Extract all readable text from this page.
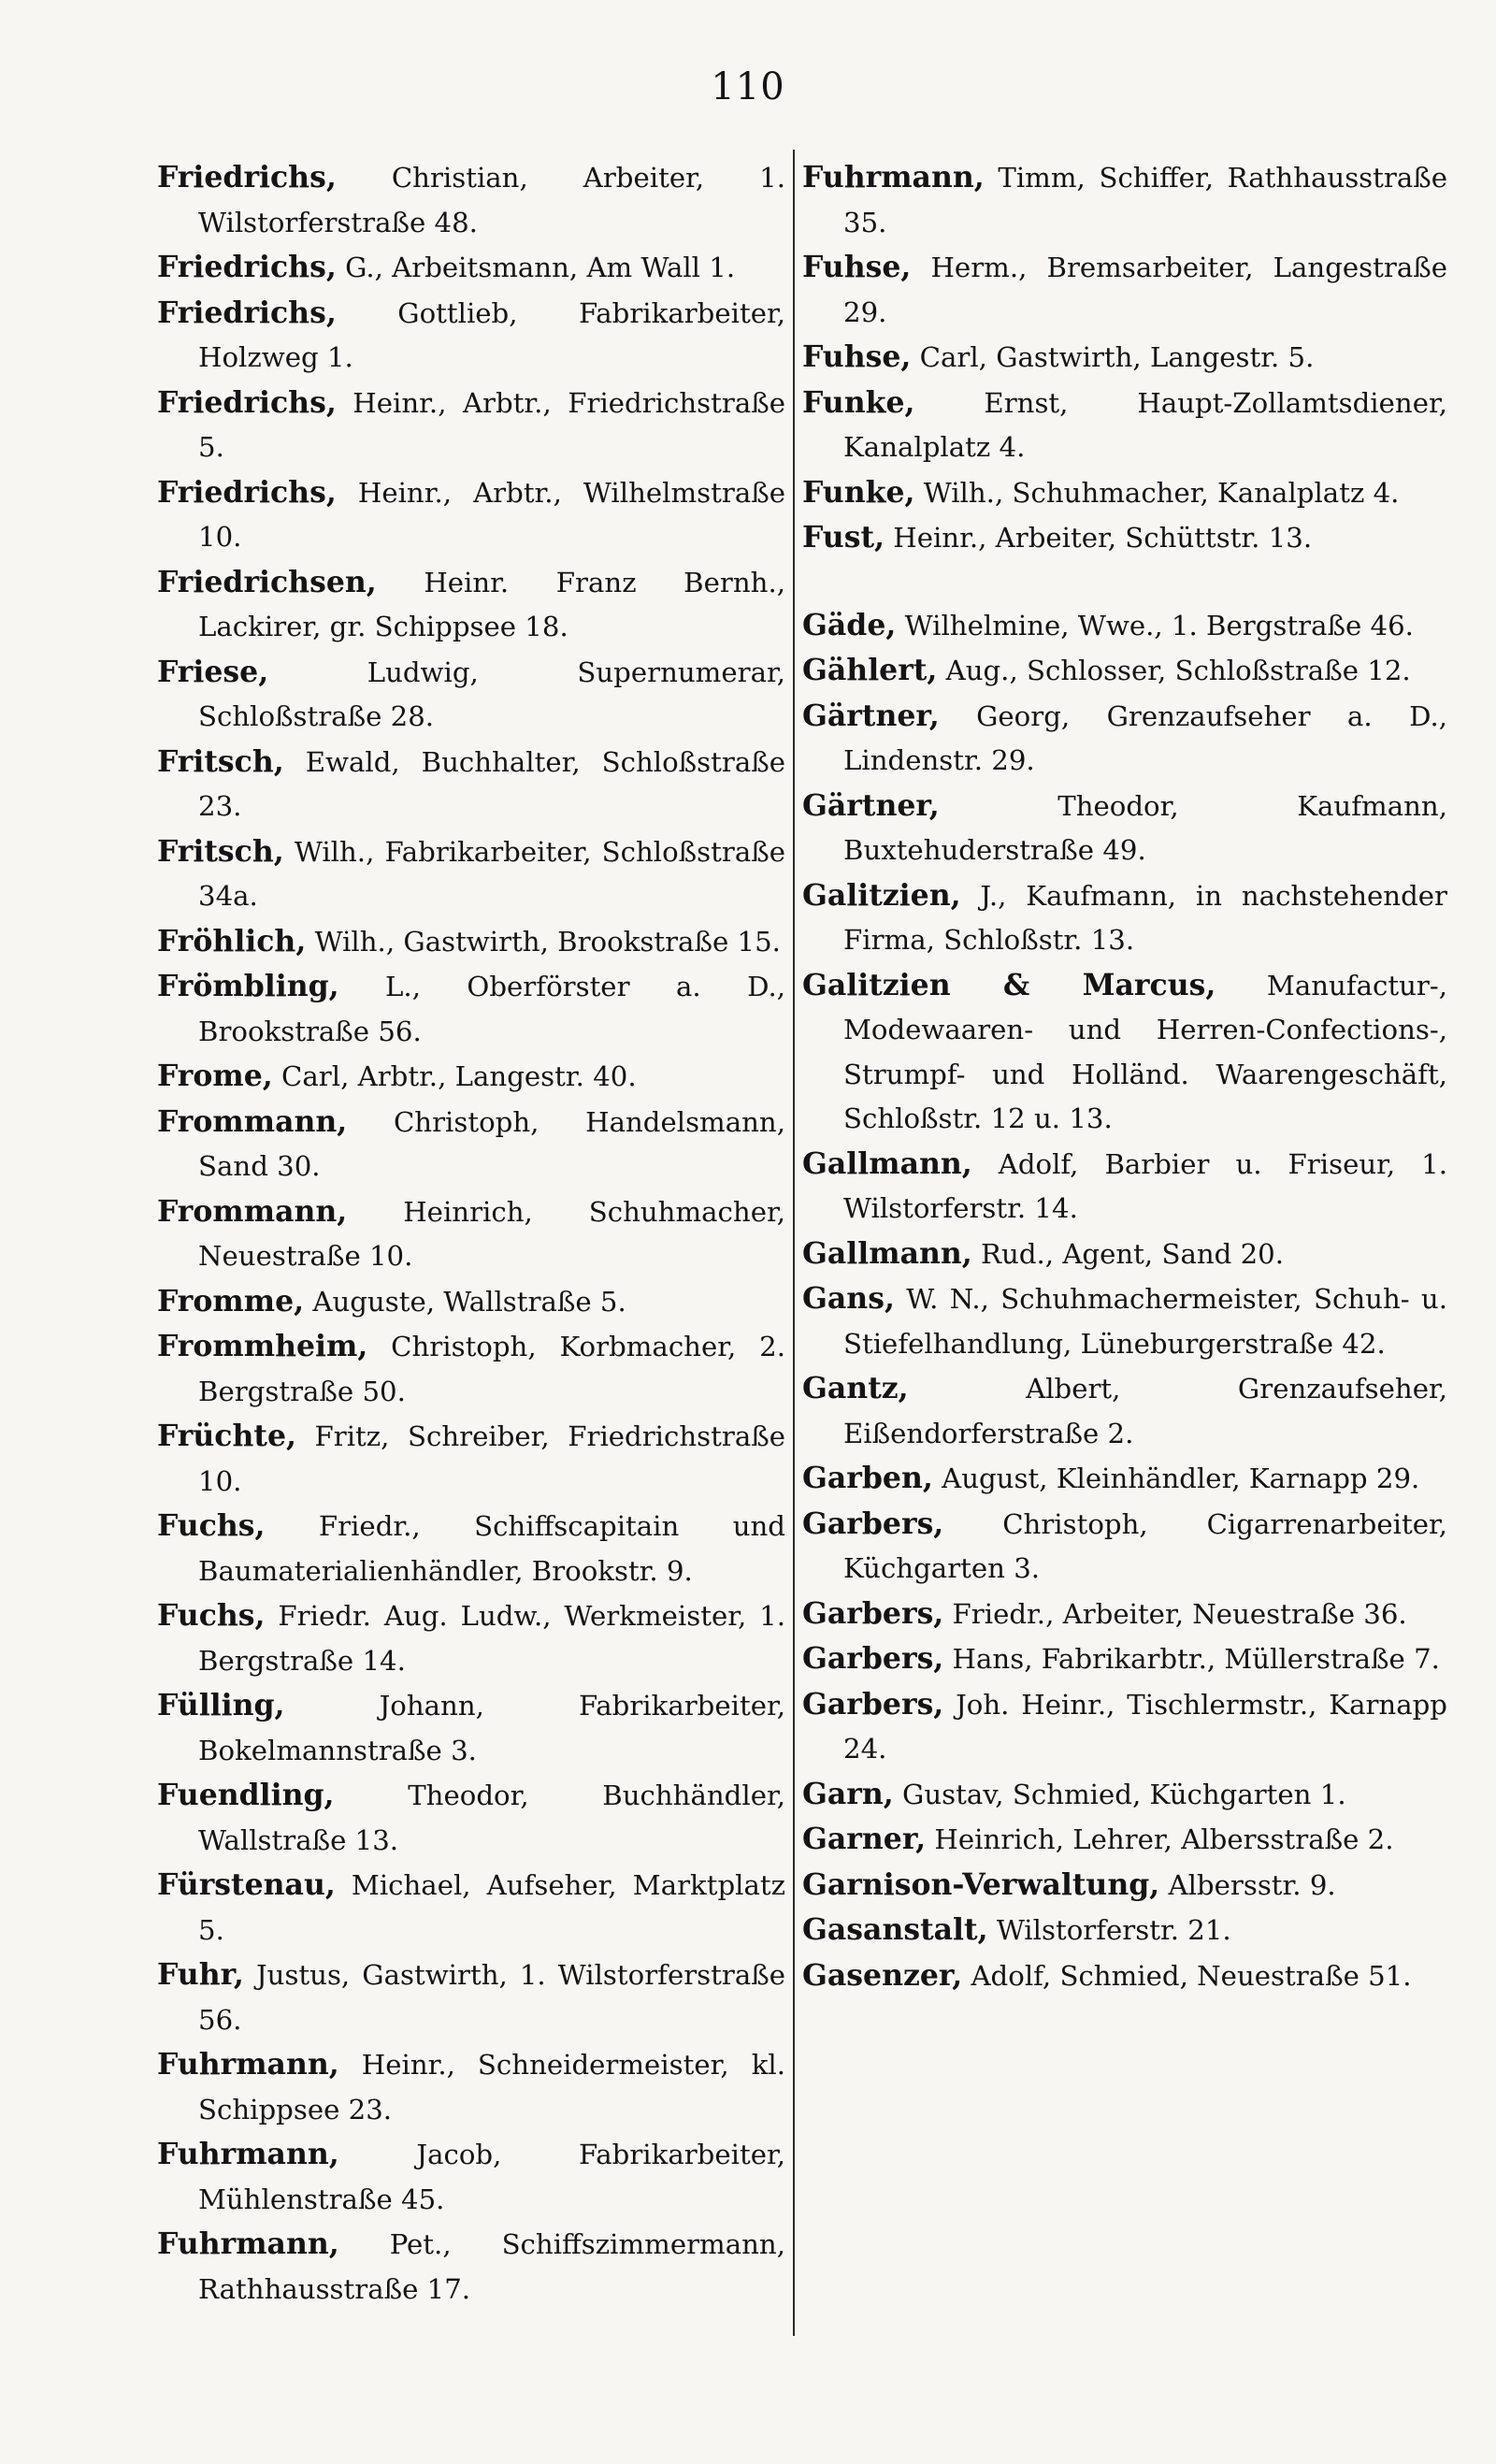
110

Friedrichs, Christian, Arbeiter, 1. Wilstorferstraße 48.

Friedrichs, G., Arbeitsmann, Am Wall 1.

Friedrichs, Gottlieb, Fabrikarbeiter, Holzweg 1.

Friedrichs, Heinr., Arbtr., Friedrichstraße 5.

Friedrichs, Heinr., Arbtr., Wilhelmstraße 10.

Friedrichsen, Heinr. Franz Bernh., Lackirer, gr. Schippsee 18.

Friese, Ludwig, Supernumerar, Schloßstraße 28.

Fritsch, Ewald, Buchhalter, Schloßstraße 23.

Fritsch, Wilh., Fabrikarbeiter, Schloßstraße 34a.

Fröhlich, Wilh., Gastwirth, Brookstraße 15.

Frömbling, L., Oberförster a. D., Brookstraße 56.

Frome, Carl, Arbtr., Langestr. 40.

Frommann, Christoph, Handelsmann, Sand 30.

Frommann, Heinrich, Schuhmacher, Neuestraße 10.

Fromme, Auguste, Wallstraße 5.

Frommheim, Christoph, Korbmacher, 2. Bergstraße 50.

Früchte, Fritz, Schreiber, Friedrichstraße 10.

Fuchs, Friedr., Schiffscapitain und Baumaterialienhändler, Brookstr. 9.

Fuchs, Friedr. Aug. Ludw., Werkmeister, 1. Bergstraße 14.

Fülling, Johann, Fabrikarbeiter, Bokelmannstraße 3.

Fuendling, Theodor, Buchhändler, Wallstraße 13.

Fürstenau, Michael, Aufseher, Marktplatz 5.

Fuhr, Justus, Gastwirth, 1. Wilstorferstraße 56.

Fuhrmann, Heinr., Schneidermeister, kl. Schippsee 23.

Fuhrmann, Jacob, Fabrikarbeiter, Mühlenstraße 45.

Fuhrmann, Pet., Schiffszimmermann, Rathhausstraße 17.

Fuhrmann, Timm, Schiffer, Rathhausstraße 35.

Fuhse, Herm., Bremsarbeiter, Langestraße 29.

Fuhse, Carl, Gastwirth, Langestr. 5.

Funke, Ernst, Haupt-Zollamtsdiener, Kanalplatz 4.

Funke, Wilh., Schuhmacher, Kanalplatz 4.

Fust, Heinr., Arbeiter, Schüttstr. 13.

Gäde, Wilhelmine, Wwe., 1. Bergstraße 46.

Gählert, Aug., Schlosser, Schloßstraße 12.

Gärtner, Georg, Grenzaufseher a. D., Lindenstr. 29.

Gärtner, Theodor, Kaufmann, Buxtehuderstraße 49.

Galitzien, J., Kaufmann, in nachstehender Firma, Schloßstr. 13.

Galitzien & Marcus, Manufactur-, Modewaaren- und Herren-Confections-, Strumpf- und Holländ. Waarengeschäft, Schloßstr. 12 u. 13.

Gallmann, Adolf, Barbier u. Friseur, 1. Wilstorferstr. 14.

Gallmann, Rud., Agent, Sand 20.

Gans, W. N., Schuhmachermeister, Schuh- u. Stiefelhandlung, Lüneburgerstraße 42.

Gantz, Albert, Grenzaufseher, Eißendorferstraße 2.

Garben, August, Kleinhändler, Karnapp 29.

Garbers, Christoph, Cigarrenarbeiter, Küchgarten 3.

Garbers, Friedr., Arbeiter, Neuestraße 36.

Garbers, Hans, Fabrikarbtr., Müllerstraße 7.

Garbers, Joh. Heinr., Tischlermstr., Karnapp 24.

Garn, Gustav, Schmied, Küchgarten 1.

Garner, Heinrich, Lehrer, Albersstraße 2.

Garnison-Verwaltung, Albersstr. 9.

Gasanstalt, Wilstorferstr. 21.

Gasenzer, Adolf, Schmied, Neuestraße 51.
